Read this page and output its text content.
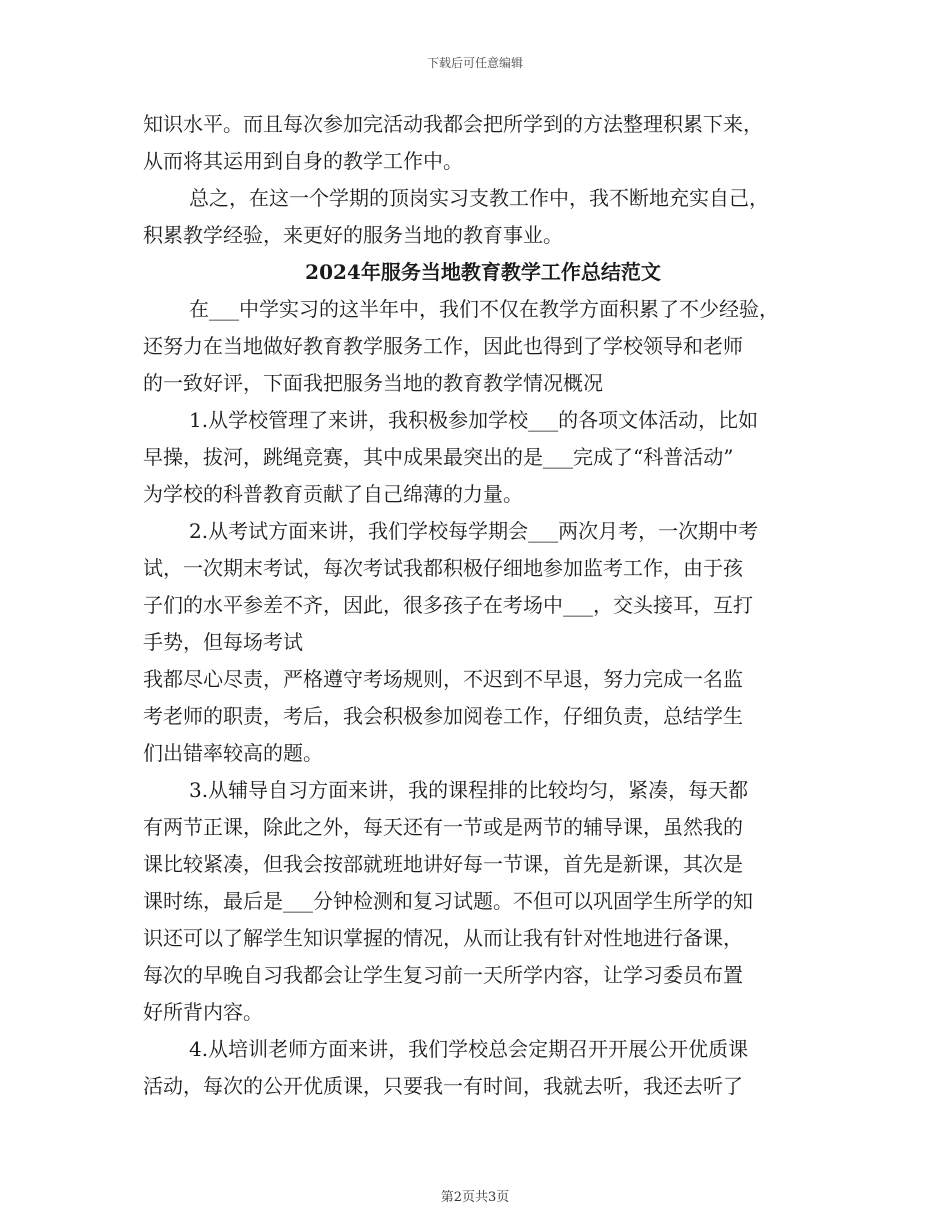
下载后可任意编辑
知识水平。而且每次参加完活动我都会把所学到的方法整理积累下来，
从而将其运用到自身的教学工作中。
总之，在这一个学期的顶岗实习支教工作中，我不断地充实自己，
积累教学经验，来更好的服务当地的教育事业。
2024年服务当地教育教学工作总结范文
在___中学实习的这半年中，我们不仅在教学方面积累了不少经验，
还努力在当地做好教育教学服务工作，因此也得到了学校领导和老师
的一致好评，下面我把服务当地的教育教学情况概况
1.从学校管理了来讲，我积极参加学校___的各项文体活动，比如
早操，拔河，跳绳竞赛，其中成果最突出的是___完成了“科普活动”
为学校的科普教育贡献了自己绵薄的力量。
2.从考试方面来讲，我们学校每学期会___两次月考，一次期中考
试，一次期末考试，每次考试我都积极仔细地参加监考工作，由于孩
子们的水平参差不齐，因此，很多孩子在考场中___，交头接耳，互打
手势，但每场考试
我都尽心尽责，严格遵守考场规则，不迟到不早退，努力完成一名监
考老师的职责，考后，我会积极参加阅卷工作，仔细负责，总结学生
们出错率较高的题。
3.从辅导自习方面来讲，我的课程排的比较均匀，紧凑，每天都
有两节正课，除此之外，每天还有一节或是两节的辅导课，虽然我的
课比较紧凑，但我会按部就班地讲好每一节课，首先是新课，其次是
课时练，最后是___分钟检测和复习试题。不但可以巩固学生所学的知
识还可以了解学生知识掌握的情况，从而让我有针对性地进行备课，
每次的早晚自习我都会让学生复习前一天所学内容，让学习委员布置
好所背内容。
4.从培训老师方面来讲，我们学校总会定期召开开展公开优质课
活动，每次的公开优质课，只要我一有时间，我就去听，我还去听了
第2页共3页
